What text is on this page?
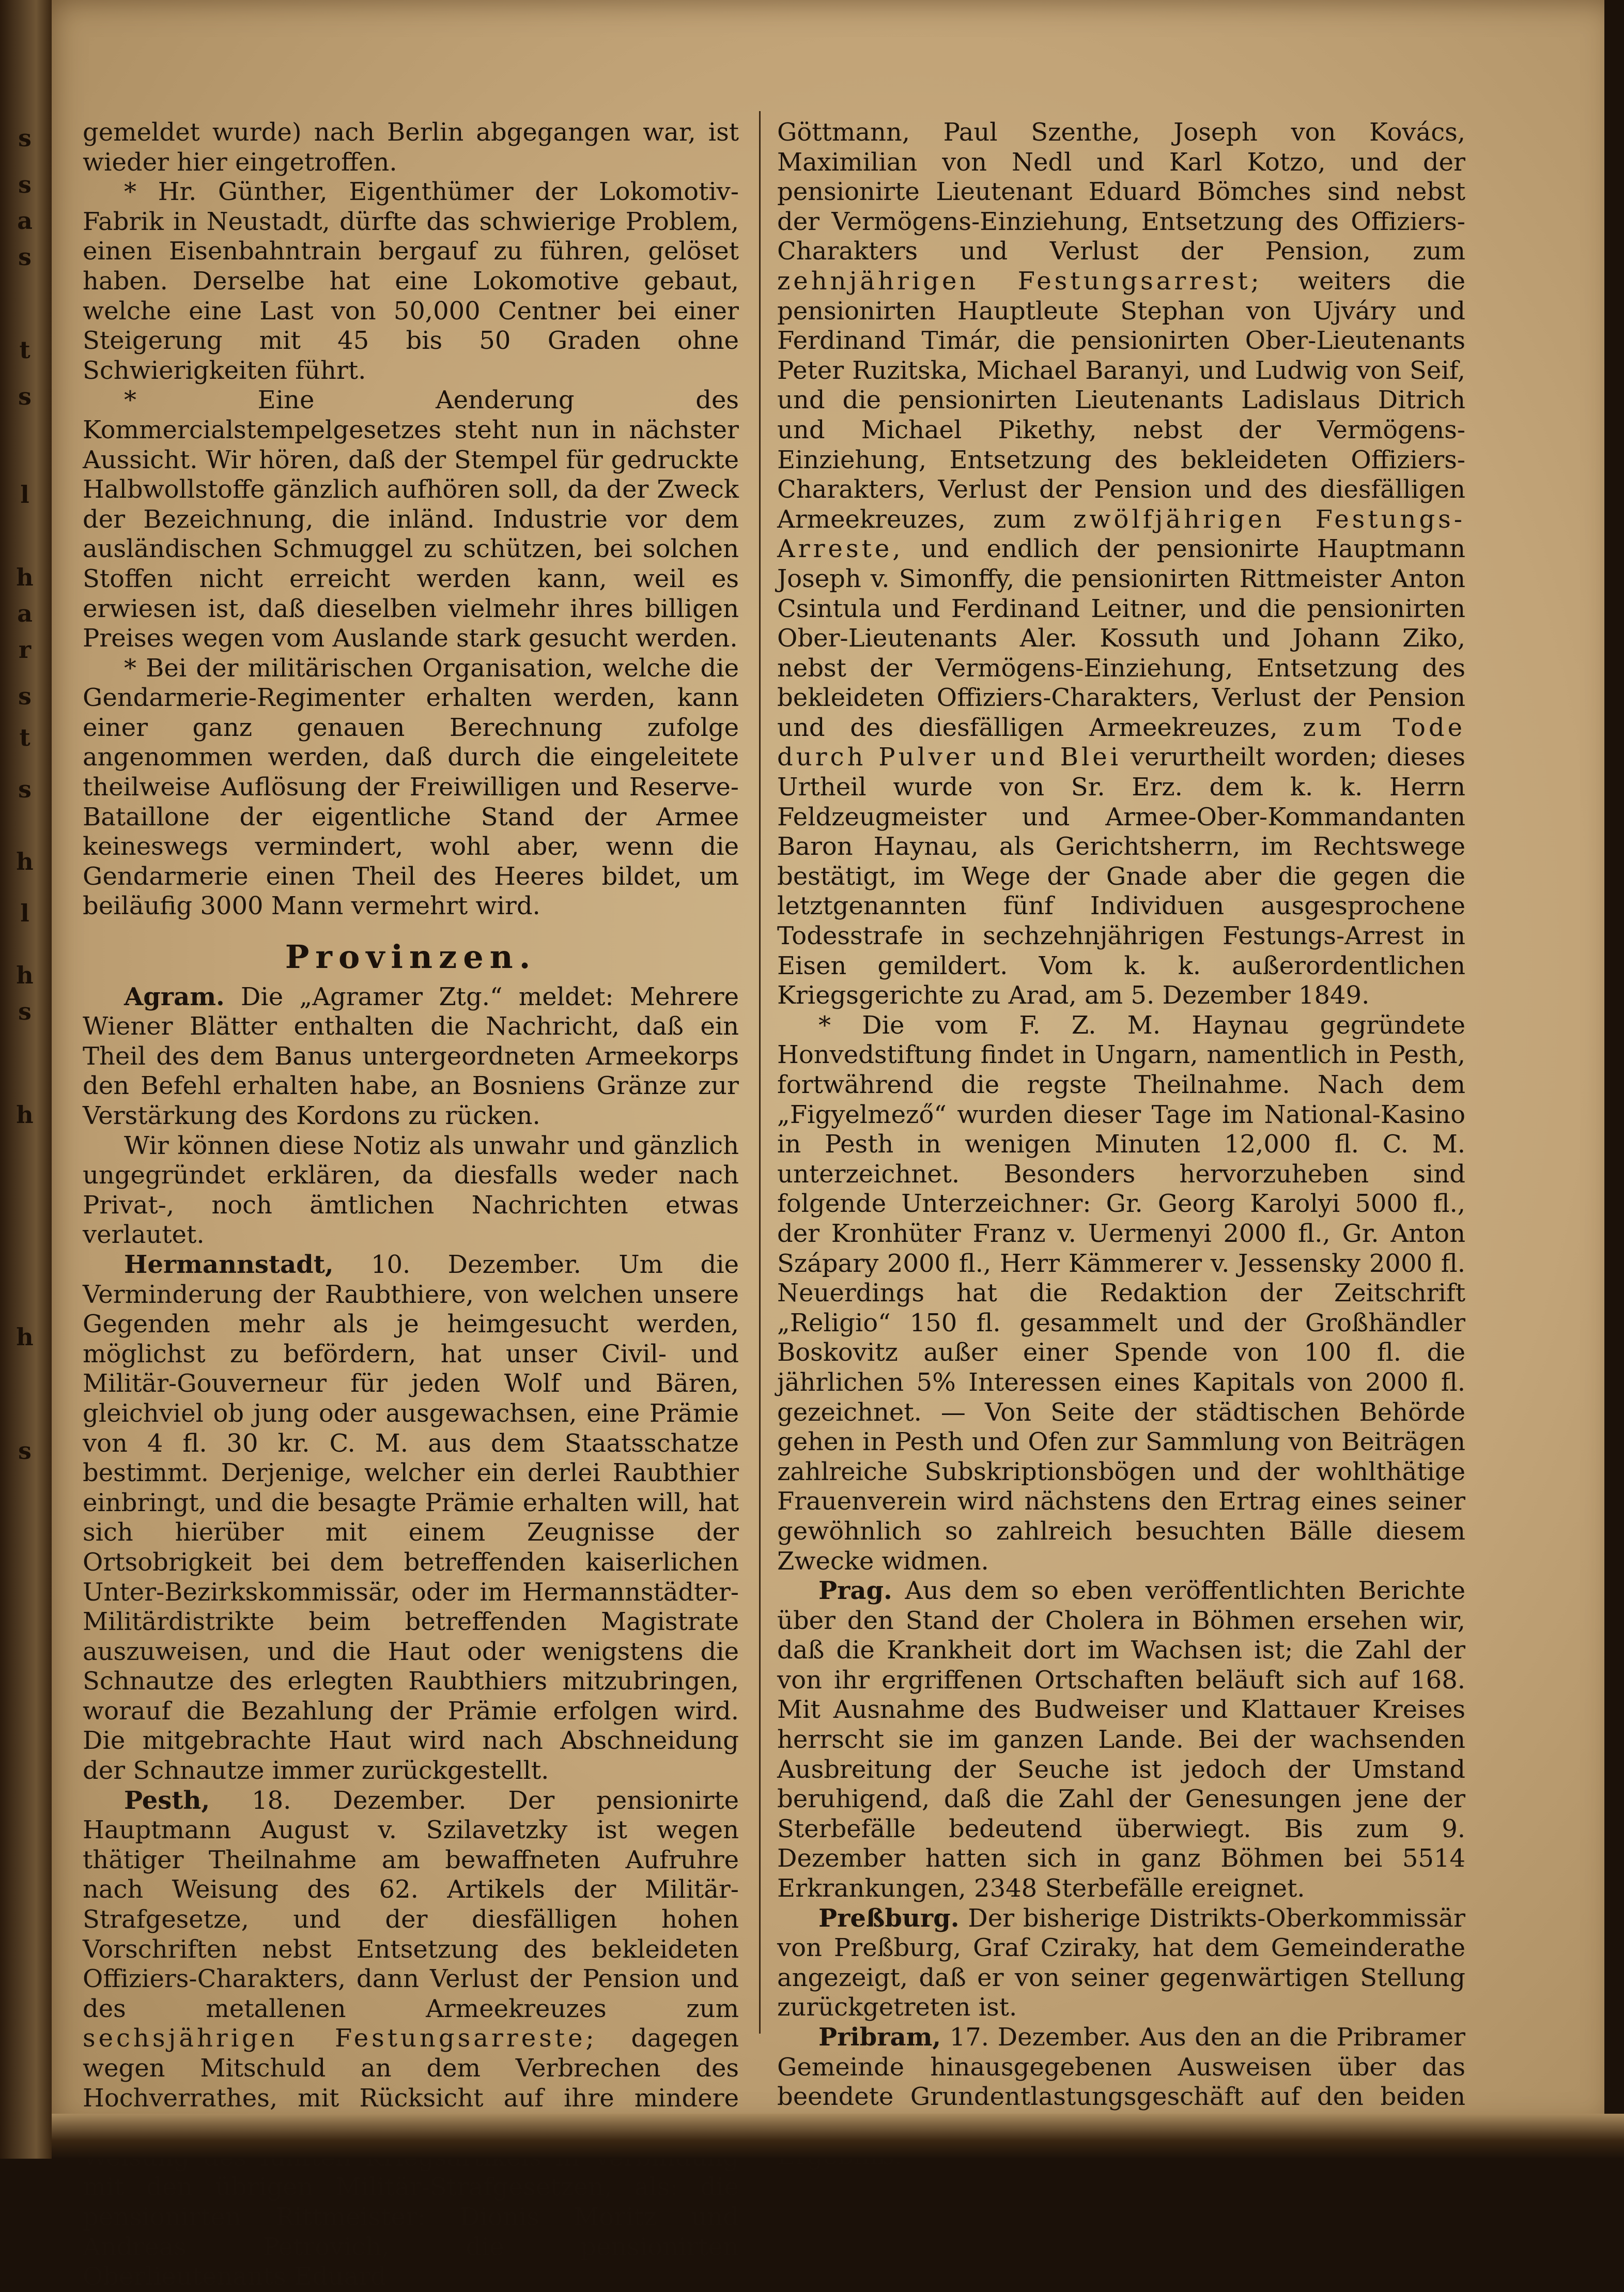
s
s
a
s
t
s
l
h
a
r
s
t
s
h
l
h
s
h
h
s

gemeldet wurde) nach Berlin abgegangen war, ist wieder hier eingetroffen.

* Hr. Günther, Eigenthümer der Lokomotiv-Fabrik in Neustadt, dürfte das schwierige Problem, einen Eisenbahntrain bergauf zu führen, gelöset haben. Derselbe hat eine Lokomotive gebaut, welche eine Last von 50,000 Centner bei einer Steigerung mit 45 bis 50 Graden ohne Schwierigkeiten führt.

* Eine Aenderung des Kommercialstempelgesetzes steht nun in nächster Aussicht. Wir hören, daß der Stempel für gedruckte Halbwollstoffe gänzlich aufhören soll, da der Zweck der Bezeichnung, die inländ. Industrie vor dem ausländischen Schmuggel zu schützen, bei solchen Stoffen nicht erreicht werden kann, weil es erwiesen ist, daß dieselben vielmehr ihres billigen Preises wegen vom Auslande stark gesucht werden.

* Bei der militärischen Organisation, welche die Gendarmerie-Regimenter erhalten werden, kann einer ganz genauen Berechnung zufolge angenommen werden, daß durch die eingeleitete theilweise Auflösung der Freiwilligen und Reserve-Bataillone der eigentliche Stand der Armee keineswegs vermindert, wohl aber, wenn die Gendarmerie einen Theil des Heeres bildet, um beiläufig 3000 Mann vermehrt wird.

Provinzen.

Agram. Die „Agramer Ztg.“ meldet: Mehrere Wiener Blätter enthalten die Nachricht, daß ein Theil des dem Banus untergeordneten Armeekorps den Befehl erhalten habe, an Bosniens Gränze zur Verstärkung des Kordons zu rücken.

Wir können diese Notiz als unwahr und gänzlich ungegründet erklären, da diesfalls weder nach Privat-, noch ämtlichen Nachrichten etwas verlautet.

Hermannstadt, 10. Dezember. Um die Verminderung der Raubthiere, von welchen unsere Gegenden mehr als je heimgesucht werden, möglichst zu befördern, hat unser Civil- und Militär-Gouverneur für jeden Wolf und Bären, gleichviel ob jung oder ausgewachsen, eine Prämie von 4 fl. 30 kr. C. M. aus dem Staatsschatze bestimmt. Derjenige, welcher ein derlei Raubthier einbringt, und die besagte Prämie erhalten will, hat sich hierüber mit einem Zeugnisse der Ortsobrigkeit bei dem betreffenden kaiserlichen Unter-Bezirkskommissär, oder im Hermannstädter-Militärdistrikte beim betreffenden Magistrate auszuweisen, und die Haut oder wenigstens die Schnautze des erlegten Raubthiers mitzubringen, worauf die Bezahlung der Prämie erfolgen wird. Die mitgebrachte Haut wird nach Abschneidung der Schnautze immer zurückgestellt.

Pesth, 18. Dezember. Der pensionirte Hauptmann August v. Szilavetzky ist wegen thätiger Theilnahme am bewaffneten Aufruhre nach Weisung des 62. Artikels der Militär-Strafgesetze, und der diesfälligen hohen Vorschriften nebst Entsetzung des bekleideten Offiziers-Charakters, dann Verlust der Pension und des metallenen Armeekreuzes zum sechsjährigen Festungsarreste; dagegen wegen Mitschuld an dem Verbrechen des Hochverrathes, mit Rücksicht auf ihre mindere mit den übrigen Militär-Strafgesetzen, als: die pensionirten Rittmeister: Dionis Moritz und Andreas Petrovich, die pensionirten Oberlieutenants Eduard

Göttmann, Paul Szenthe, Joseph von Kovács, Maximilian von Nedl und Karl Kotzo, und der pensionirte Lieutenant Eduard Bömches sind nebst der Vermögens-Einziehung, Entsetzung des Offiziers-Charakters und Verlust der Pension, zum zehnjährigen Festungsarrest; weiters die pensionirten Hauptleute Stephan von Ujváry und Ferdinand Timár, die pensionirten Ober-Lieutenants Peter Ruzitska, Michael Baranyi, und Ludwig von Seif, und die pensionirten Lieutenants Ladislaus Ditrich und Michael Pikethy, nebst der Vermögens-Einziehung, Entsetzung des bekleideten Offiziers-Charakters, Verlust der Pension und des diesfälligen Armeekreuzes, zum zwölfjährigen Festungs-Arreste, und endlich der pensionirte Hauptmann Joseph v. Simonffy, die pensionirten Rittmeister Anton Csintula und Ferdinand Leitner, und die pensionirten Ober-Lieutenants Aler. Kossuth und Johann Ziko, nebst der Vermögens-Einziehung, Entsetzung des bekleideten Offiziers-Charakters, Verlust der Pension und des diesfälligen Armeekreuzes, zum Tode durch Pulver und Blei verurtheilt worden; dieses Urtheil wurde von Sr. Erz. dem k. k. Herrn Feldzeugmeister und Armee-Ober-Kommandanten Baron Haynau, als Gerichtsherrn, im Rechtswege bestätigt, im Wege der Gnade aber die gegen die letztgenannten fünf Individuen ausgesprochene Todesstrafe in sechzehnjährigen Festungs-Arrest in Eisen gemildert. Vom k. k. außerordentlichen Kriegsgerichte zu Arad, am 5. Dezember 1849.

* Die vom F. Z. M. Haynau gegründete Honvedstiftung findet in Ungarn, namentlich in Pesth, fortwährend die regste Theilnahme. Nach dem „Figyelmező“ wurden dieser Tage im National-Kasino in Pesth in wenigen Minuten 12,000 fl. C. M. unterzeichnet. Besonders hervorzuheben sind folgende Unterzeichner: Gr. Georg Karolyi 5000 fl., der Kronhüter Franz v. Uermenyi 2000 fl., Gr. Anton Szápary 2000 fl., Herr Kämmerer v. Jessensky 2000 fl. Neuerdings hat die Redaktion der Zeitschrift „Religio“ 150 fl. gesammelt und der Großhändler Boskovitz außer einer Spende von 100 fl. die jährlichen 5% Interessen eines Kapitals von 2000 fl. gezeichnet. — Von Seite der städtischen Behörde gehen in Pesth und Ofen zur Sammlung von Beiträgen zahlreiche Subskriptionsbögen und der wohlthätige Frauenverein wird nächstens den Ertrag eines seiner gewöhnlich so zahlreich besuchten Bälle diesem Zwecke widmen.

Prag. Aus dem so eben veröffentlichten Berichte über den Stand der Cholera in Böhmen ersehen wir, daß die Krankheit dort im Wachsen ist; die Zahl der von ihr ergriffenen Ortschaften beläuft sich auf 168. Mit Ausnahme des Budweiser und Klattauer Kreises herrscht sie im ganzen Lande. Bei der wachsenden Ausbreitung der Seuche ist jedoch der Umstand beruhigend, daß die Zahl der Genesungen jene der Sterbefälle bedeutend überwiegt. Bis zum 9. Dezember hatten sich in ganz Böhmen bei 5514 Erkrankungen, 2348 Sterbefälle ereignet.

Preßburg. Der bisherige Distrikts-Oberkommissär von Preßburg, Graf Cziraky, hat dem Gemeinderathe angezeigt, daß er von seiner gegenwärtigen Stellung zurückgetreten ist.

Pribram, 17. Dezember. Aus den an die Pribramer Gemeinde hinausgegebenen Ausweisen über das beendete Grundentlastungsgeschäft auf den beiden
